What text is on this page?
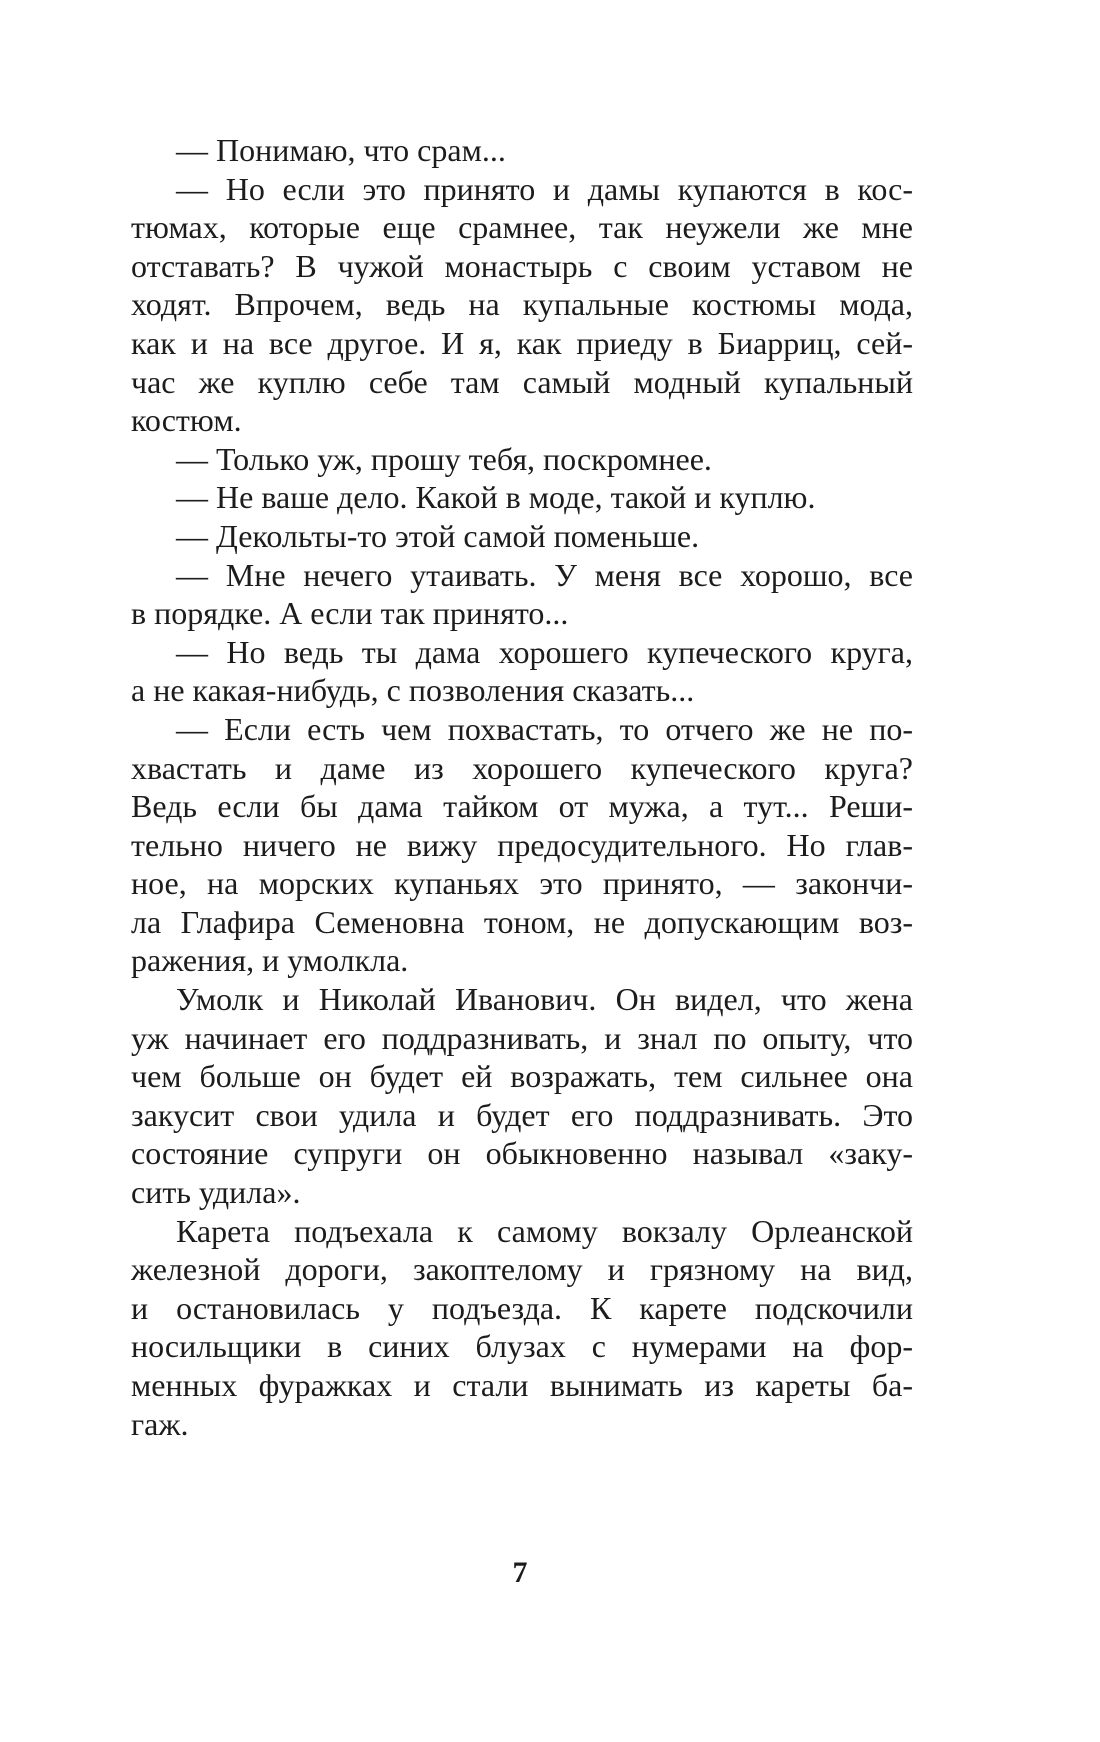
— Понимаю, что срам...
— Но если это принято и дамы купаются в кос-
тюмах, которые еще срамнее, так неужели же мне
отставать? В чужой монастырь с своим уставом не
ходят. Впрочем, ведь на купальные костюмы мода,
как и на все другое. И я, как приеду в Биарриц, сей-
час же куплю себе там самый модный купальный
костюм.
— Только уж, прошу тебя, поскромнее.
— Не ваше дело. Какой в моде, такой и куплю.
— Декольты-то этой самой поменьше.
— Мне нечего утаивать. У меня все хорошо, все
в порядке. А если так принято...
— Но ведь ты дама хорошего купеческого круга,
а не какая-нибудь, с позволения сказать...
— Если есть чем похвастать, то отчего же не по-
хвастать и даме из хорошего купеческого круга?
Ведь если бы дама тайком от мужа, а тут... Реши-
тельно ничего не вижу предосудительного. Но глав-
ное, на морских купаньях это принято, — закончи-
ла Глафира Семеновна тоном, не допускающим воз-
ражения, и умолкла.
Умолк и Николай Иванович. Он видел, что жена
уж начинает его поддразнивать, и знал по опыту, что
чем больше он будет ей возражать, тем сильнее она
закусит свои удила и будет его поддразнивать. Это
состояние супруги он обыкновенно называл «заку-
сить удила».
Карета подъехала к самому вокзалу Орлеанской
железной дороги, закоптелому и грязному на вид,
и остановилась у подъезда. К карете подскочили
носильщики в синих блузах с нумерами на фор-
менных фуражках и стали вынимать из кареты ба-
гаж.
7
